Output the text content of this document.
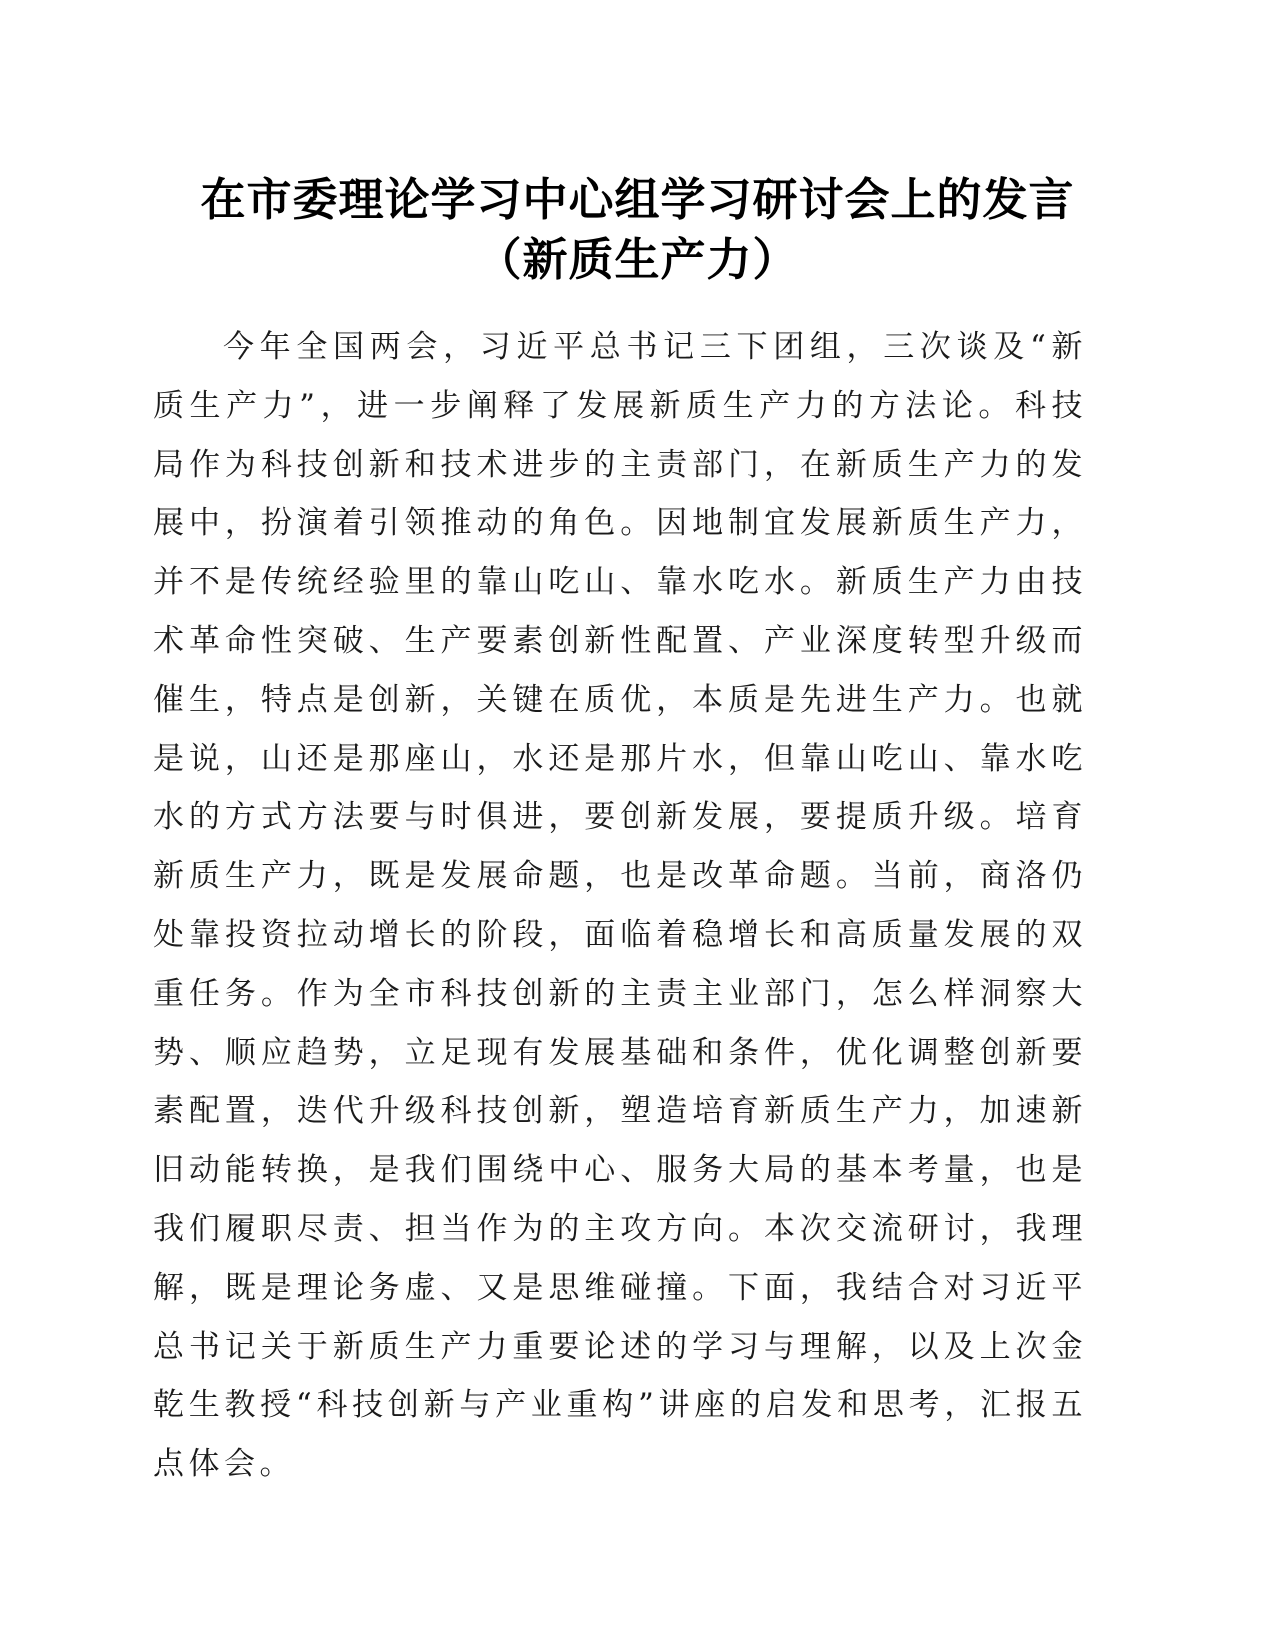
在市委理论学习中心组学习研讨会上的发言
（新质生产力）

今年全国两会，习近平总书记三下团组，三次谈及“新质生产力”，进一步阐释了发展新质生产力的方法论。科技局作为科技创新和技术进步的主责部门，在新质生产力的发展中，扮演着引领推动的角色。因地制宜发展新质生产力，并不是传统经验里的靠山吃山、靠水吃水。新质生产力由技术革命性突破、生产要素创新性配置、产业深度转型升级而催生，特点是创新，关键在质优，本质是先进生产力。也就是说，山还是那座山，水还是那片水，但靠山吃山、靠水吃水的方式方法要与时俱进，要创新发展，要提质升级。培育新质生产力，既是发展命题，也是改革命题。当前，商洛仍处靠投资拉动增长的阶段，面临着稳增长和高质量发展的双重任务。作为全市科技创新的主责主业部门，怎么样洞察大势、顺应趋势，立足现有发展基础和条件，优化调整创新要素配置，迭代升级科技创新，塑造培育新质生产力，加速新旧动能转换，是我们围绕中心、服务大局的基本考量，也是我们履职尽责、担当作为的主攻方向。本次交流研讨，我理解，既是理论务虚、又是思维碰撞。下面，我结合对习近平总书记关于新质生产力重要论述的学习与理解，以及上次金乾生教授“科技创新与产业重构”讲座的启发和思考，汇报五点体会。
